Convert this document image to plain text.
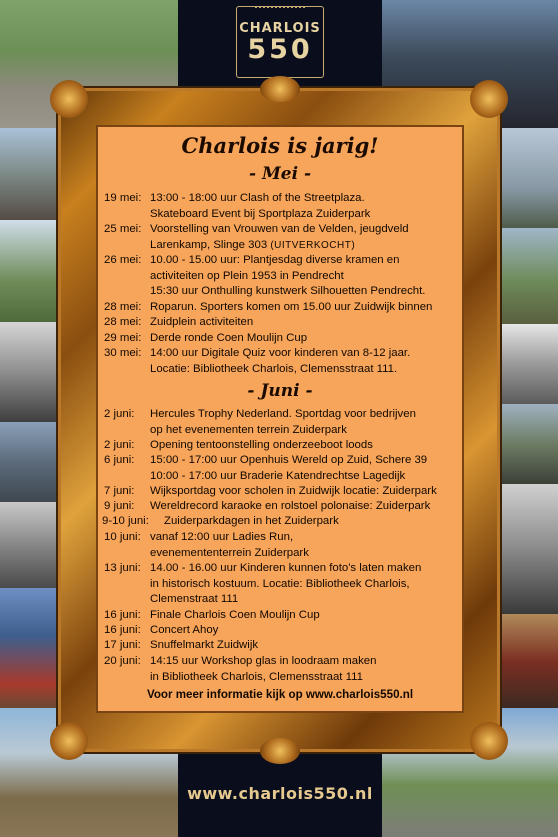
CHARLOIS
550
Charlois is jarig!
- Mei -
- Juni -
19 mei: 13:00 - 18:00 uur Clash of the Streetplaza.
Skateboard Event bij Sportplaza Zuiderpark
25 mei: Voorstelling van Vrouwen van de Velden, jeugdveld
Larenkamp, Slinge 303 (UITVERKOCHT)
26 mei: 10.00 - 15.00 uur: Plantjesdag diverse kramen en
activiteiten op Plein 1953 in Pendrecht
15:30 uur Onthulling kunstwerk Silhouetten Pendrecht.
28 mei: Roparun. Sporters komen om 15.00 uur Zuidwijk binnen
28 mei: Zuidplein activiteiten
29 mei: Derde ronde Coen Moulijn Cup
30 mei: 14:00 uur Digitale Quiz voor kinderen van 8-12 jaar.
Locatie: Bibliotheek Charlois, Clemensstraat 111.
2 juni: Hercules Trophy Nederland. Sportdag voor bedrijven
op het evenementen terrein Zuiderpark
2 juni: Opening tentoonstelling onderzeeboot loods
6 juni: 15:00 - 17:00 uur Openhuis Wereld op Zuid, Schere 39
10:00 - 17:00 uur Braderie Katendrechtse Lagedijk
7 juni: Wijksportdag voor scholen in Zuidwijk locatie: Zuiderpark
9 juni: Wereldrecord karaoke en rolstoel polonaise: Zuiderpark
9-10 juni: Zuiderparkdagen in het Zuiderpark
10 juni: vanaf 12:00 uur Ladies Run,
evenemententerrein Zuiderpark
13 juni: 14.00 - 16.00 uur Kinderen kunnen foto's laten maken
in historisch kostuum. Locatie: Bibliotheek Charlois,
Clemenstraat 111
16 juni: Finale Charlois Coen Moulijn Cup
16 juni: Concert Ahoy
17 juni: Snuffelmarkt Zuidwijk
20 juni: 14:15 uur Workshop glas in loodraam maken
in Bibliotheek Charlois, Clemensstraat 111
Voor meer informatie kijk op www.charlois550.nl
www.charlois550.nl
